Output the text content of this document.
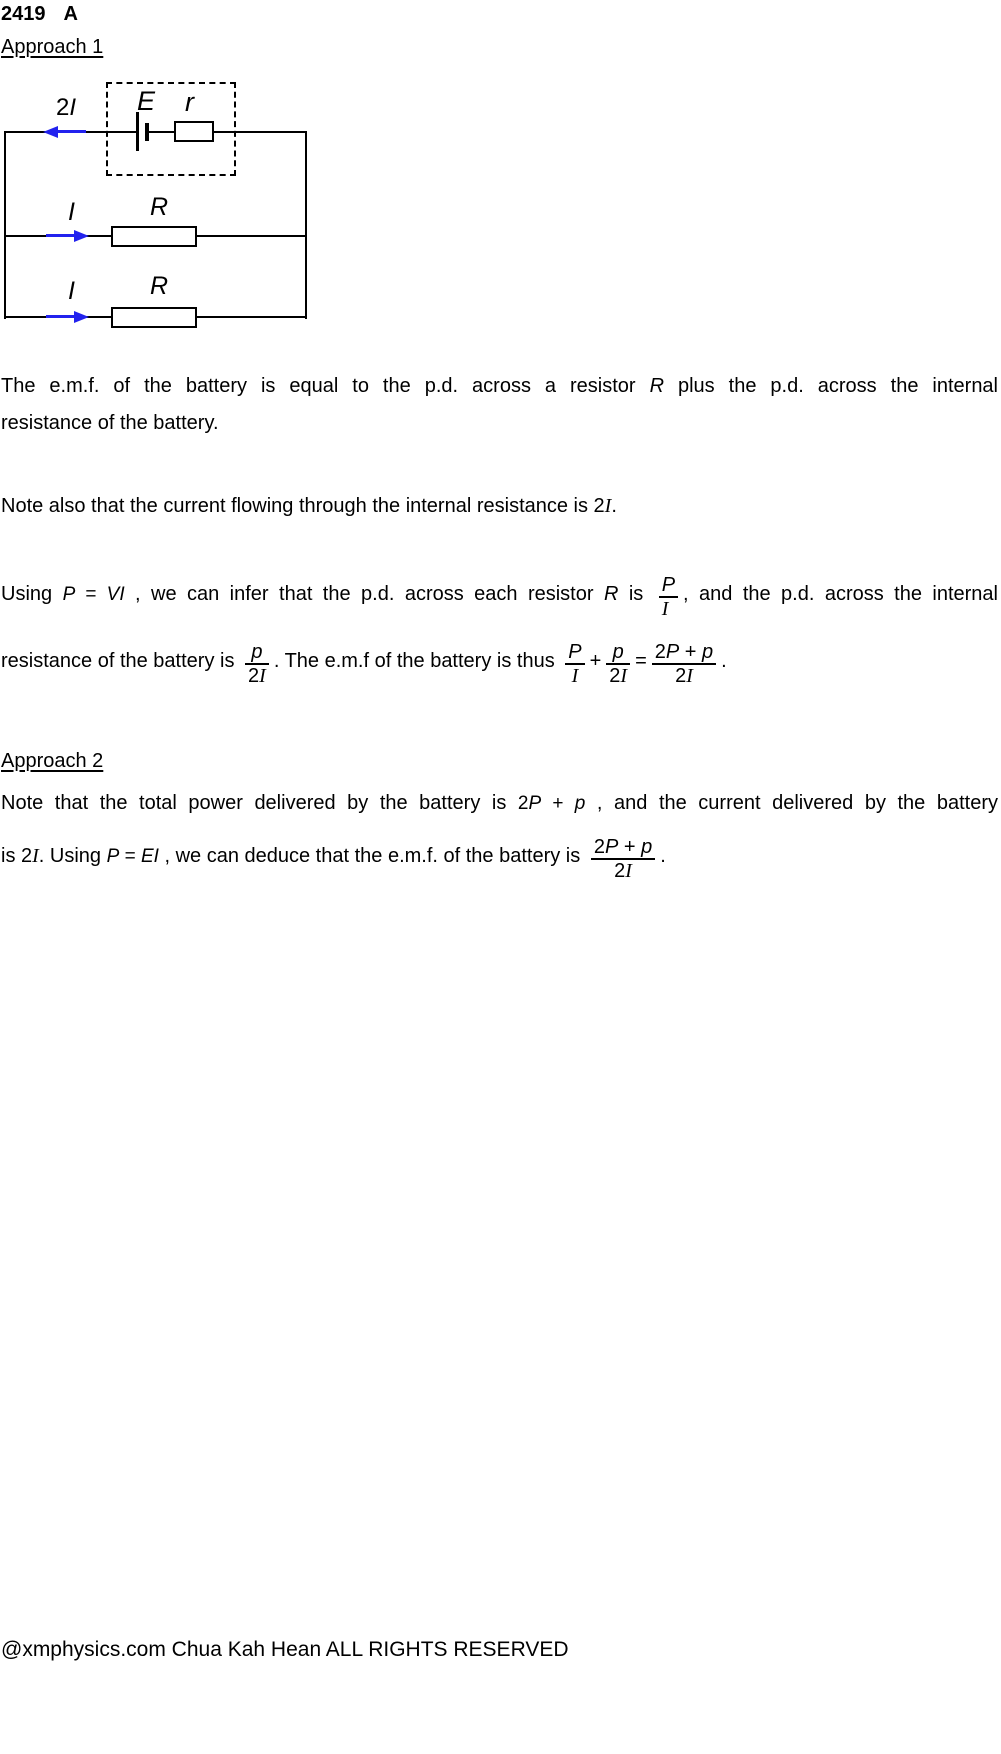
2419 A
Approach 1
2I E r
I	R
I	R
The e.m.f. of the battery is equal to the p.d. across a resistor R plus the p.d. across the internal
resistance of the battery.
Note also that the current flowing through the internal resistance is 2I.
Using P = VI , we can infer that the p.d. across each resistor R is $\frac{P}{I}$ , and the p.d. across the internal
resistance of the battery is $\frac{p}{2I}$ . The e.m.f of the battery is thus $\frac{P}{I} + \frac{p}{2I} = \frac{2P + p}{2I}$ .
Approach 2
Note that the total power delivered by the battery is 2P + p , and the current delivered by the battery
is 2I. Using P = EI , we can deduce that the e.m.f. of the battery is $\frac{2P + p}{2I}$ .
@xmphysics.com Chua Kah Hean ALL RIGHTS RESERVED
